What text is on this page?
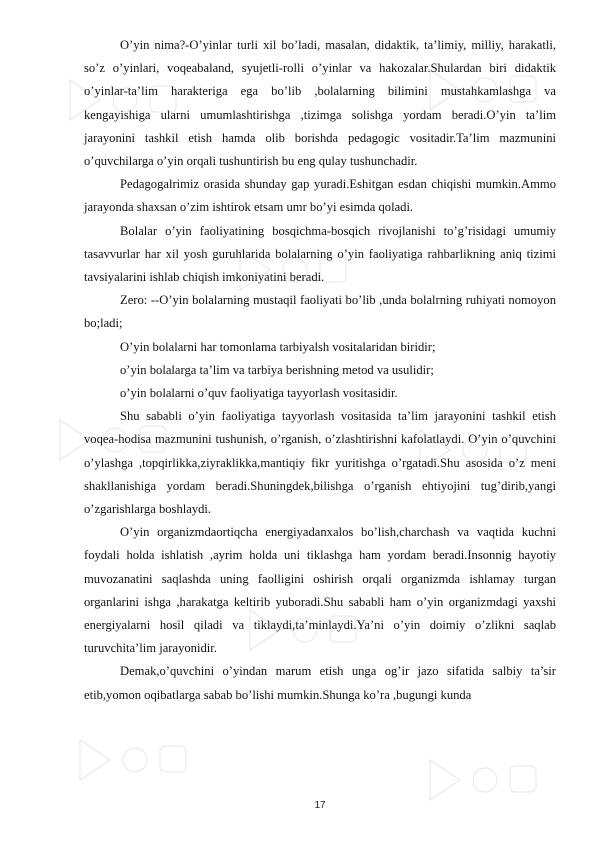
O’yin nima?-O’yinlar turli xil bo’ladi, masalan, didaktik, ta’limiy, milliy, harakatli, so’z o’yinlari, voqeabaland, syujetli-rolli o’yinlar va hakozalar.Shulardan biri didaktik o’yinlar-ta’lim harakteriga ega bo’lib ,bolalarning bilimini mustahkamlashga va kengayishiga ularni umumlashtirishga ,tizimga solishga yordam beradi.O’yin ta’lim jarayonini tashkil etish hamda olib borishda pedagogic vositadir.Ta’lim mazmunini o’quvchilarga o’yin orqali tushuntirish bu eng qulay tushunchadir.

Pedagogalrimiz orasida shunday gap yuradi.Eshitgan esdan chiqishi mumkin.Ammo jarayonda shaxsan o’zim ishtirok etsam umr bo’yi esimda qoladi.

Bolalar o’yin faoliyatining bosqichma-bosqich rivojlanishi to’g’risidagi umumiy tasavvurlar har xil yosh guruhlarida bolalarning o’yin faoliyatiga rahbarlikning aniq tizimi tavsiyalarini ishlab chiqish imkoniyatini beradi.

Zero: --O’yin bolalarning mustaqil faoliyati bo’lib ,unda bolalrning ruhiyati nomoyon bo;ladi;

O’yin bolalarni har tomonlama tarbiyalsh vositalaridan biridir;

o’yin bolalarga ta’lim va tarbiya berishning metod va usulidir;

o’yin bolalarni o’quv faoliyatiga tayyorlash vositasidir.

Shu sababli o’yin faoliyatiga tayyorlash vositasida ta’lim jarayonini tashkil etish voqea-hodisa mazmunini tushunish, o’rganish, o’zlashtirishni kafolatlaydi. O’yin o’quvchini o’ylashga ,topqirlikka,ziyraklikka,mantiqiy fikr yuritishga o’rgatadi.Shu asosida o’z meni shakllanishiga yordam beradi.Shuningdek,bilishga o’rganish ehtiyojini tug’dirib,yangi o’zgarishlarga boshlaydi.

O’yin organizmdaortiqcha energiyadanxalos bo’lish,charchash va vaqtida kuchni foydali holda ishlatish ,ayrim holda uni tiklashga ham yordam beradi.Insonnig hayotiy muvozanatini saqlashda uning faolligini oshirish orqali organizmda ishlamay turgan organlarini ishga ,harakatga keltirib yuboradi.Shu sababli ham o’yin organizmdagi yaxshi energiyalarni hosil qiladi va tiklaydi,ta’minlaydi.Ya’ni o’yin doimiy o’zlikni saqlab turuvchita’lim jarayonidir.

Demak,o’quvchini o’yindan marum etish unga og’ir jazo sifatida salbiy ta’sir etib,yomon oqibatlarga sabab bo’lishi mumkin.Shunga ko’ra ,bugungi kunda

17
